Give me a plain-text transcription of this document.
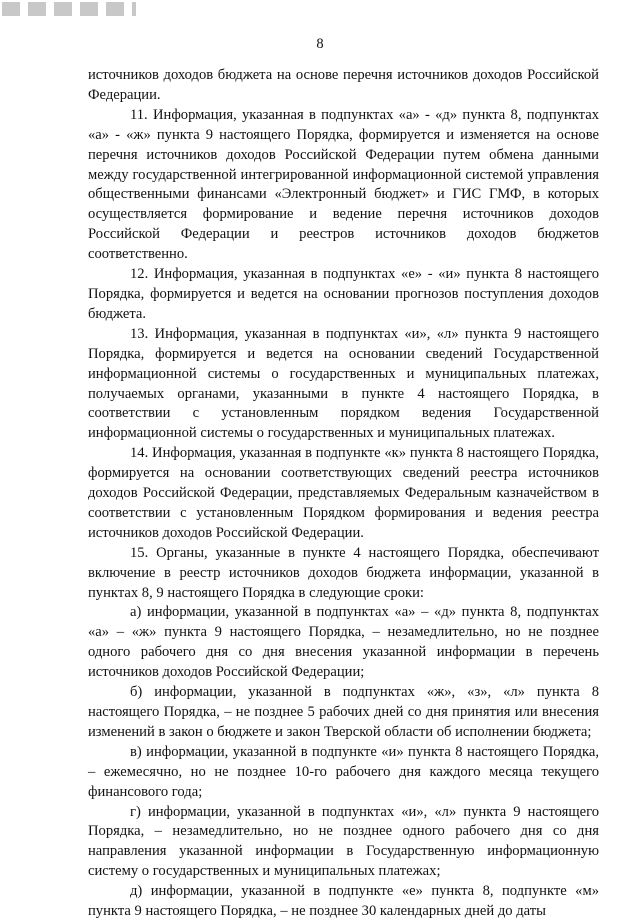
8

источников доходов бюджета на основе перечня источников доходов Российской Федерации.

11. Информация, указанная в подпунктах «а» - «д» пункта 8, подпунктах «а» - «ж» пункта 9 настоящего Порядка, формируется и изменяется на основе перечня источников доходов Российской Федерации путем обмена данными между государственной интегрированной информационной системой управления общественными финансами «Электронный бюджет» и ГИС ГМФ, в которых осуществляется формирование и ведение перечня источников доходов Российской Федерации и реестров источников доходов бюджетов соответственно.

12. Информация, указанная в подпунктах «е» - «и» пункта 8 настоящего Порядка, формируется и ведется на основании прогнозов поступления доходов бюджета.

13. Информация, указанная в подпунктах «и», «л» пункта 9 настоящего Порядка, формируется и ведется на основании сведений Государственной информационной системы о государственных и муниципальных платежах, получаемых органами, указанными в пункте 4 настоящего Порядка, в соответствии с установленным порядком ведения Государственной информационной системы о государственных и муниципальных платежах.

14. Информация, указанная в подпункте «к» пункта 8 настоящего Порядка, формируется на основании соответствующих сведений реестра источников доходов Российской Федерации, представляемых Федеральным казначейством в соответствии с установленным Порядком формирования и ведения реестра источников доходов Российской Федерации.

15. Органы, указанные в пункте 4 настоящего Порядка, обеспечивают включение в реестр источников доходов бюджета информации, указанной в пунктах 8, 9 настоящего Порядка в следующие сроки:

а) информации, указанной в подпунктах «а» – «д» пункта 8, подпунктах «а» – «ж» пункта 9 настоящего Порядка, – незамедлительно, но не позднее одного рабочего дня со дня внесения указанной информации в перечень источников доходов Российской Федерации;

б) информации, указанной в подпунктах «ж», «з», «л» пункта 8 настоящего Порядка, – не позднее 5 рабочих дней со дня принятия или внесения изменений в закон о бюджете и закон Тверской области об исполнении бюджета;

в) информации, указанной в подпункте «и» пункта 8 настоящего Порядка, – ежемесячно, но не позднее 10-го рабочего дня каждого месяца текущего финансового года;

г) информации, указанной в подпунктах «и», «л» пункта 9 настоящего Порядка, – незамедлительно, но не позднее одного рабочего дня со дня направления указанной информации в Государственную информационную систему о государственных и муниципальных платежах;

д) информации, указанной в подпункте «е» пункта 8, подпункте «м» пункта 9 настоящего Порядка, – не позднее 30 календарных дней до даты
